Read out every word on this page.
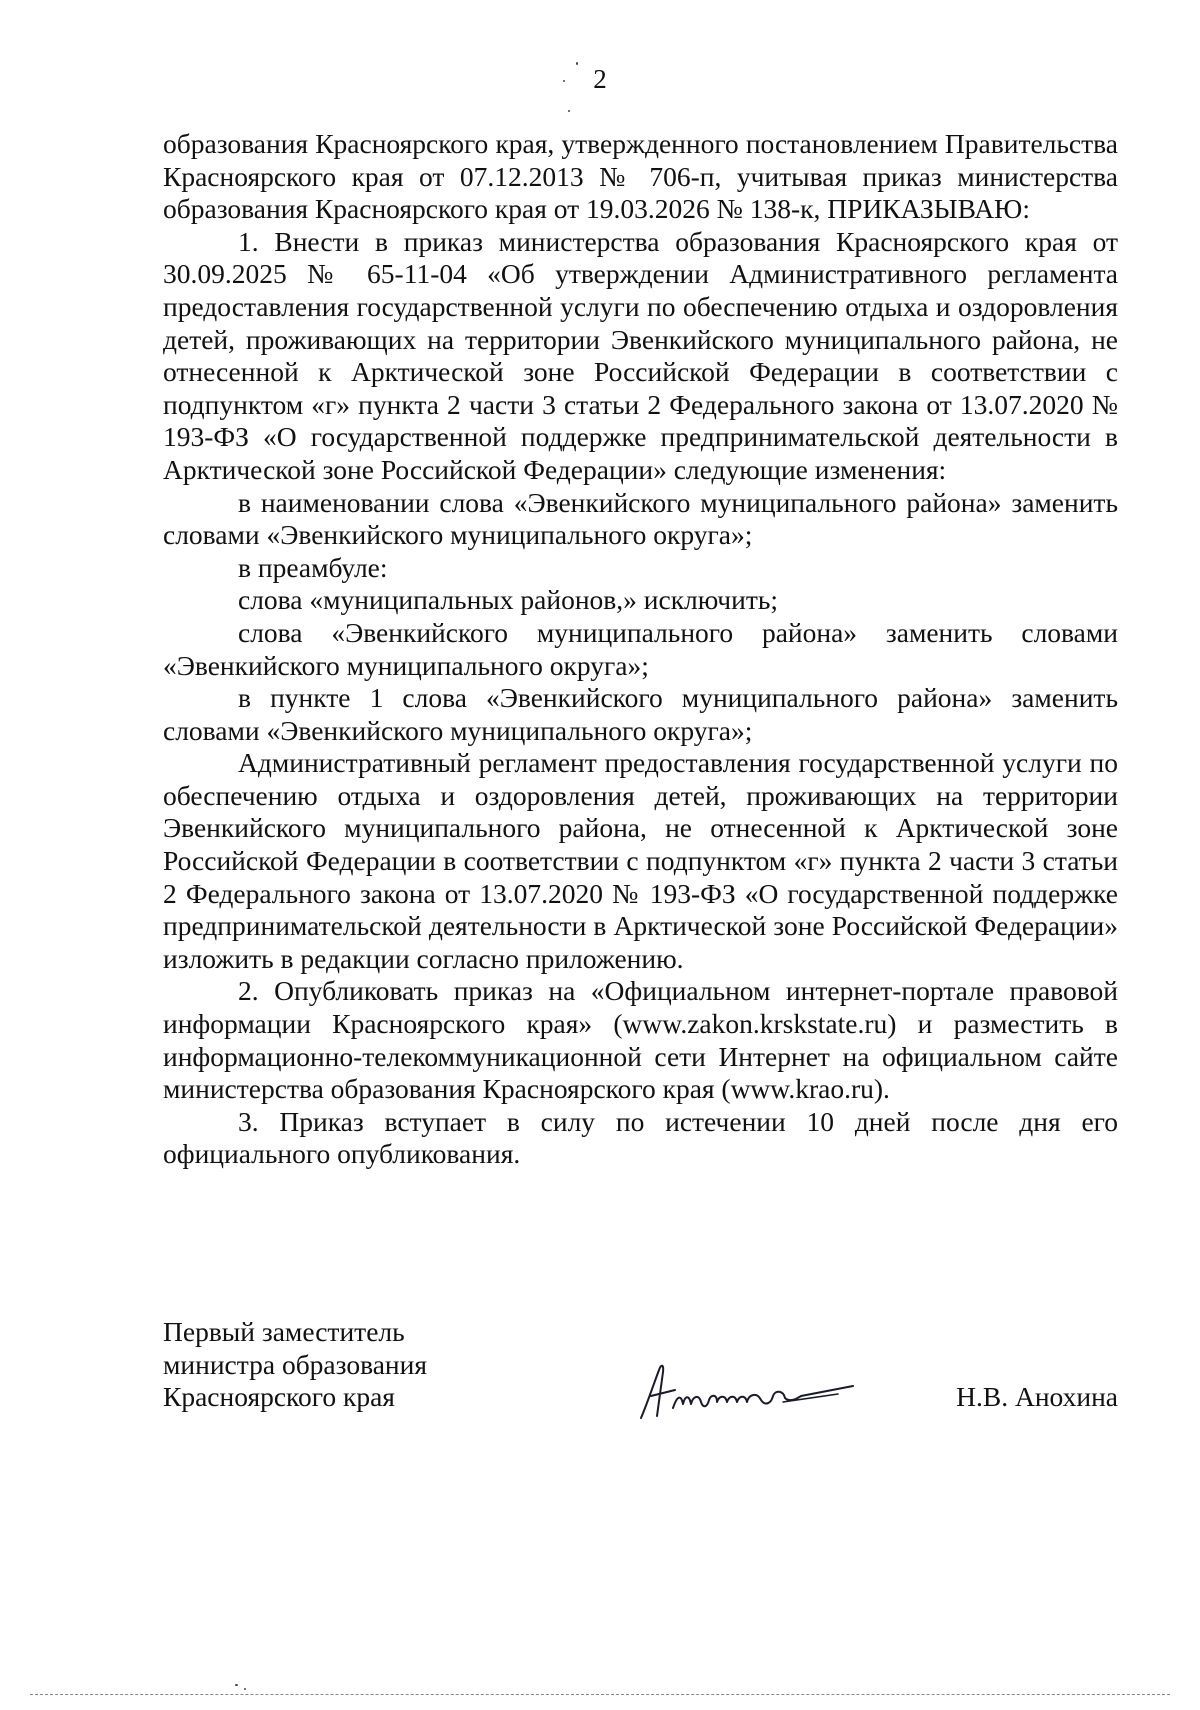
2

образования Красноярского края, утвержденного постановлением Правительства Красноярского края от 07.12.2013 № 706-п, учитывая приказ министерства образования Красноярского края от 19.03.2026 № 138-к, ПРИКАЗЫВАЮ:

1. Внести в приказ министерства образования Красноярского края от 30.09.2025 № 65-11-04 «Об утверждении Административного регламента предоставления государственной услуги по обеспечению отдыха и оздоровления детей, проживающих на территории Эвенкийского муниципального района, не отнесенной к Арктической зоне Российской Федерации в соответствии с подпунктом «г» пункта 2 части 3 статьи 2 Федерального закона от 13.07.2020 № 193-ФЗ «О государственной поддержке предпринимательской деятельности в Арктической зоне Российской Федерации» следующие изменения:

в наименовании слова «Эвенкийского муниципального района» заменить словами «Эвенкийского муниципального округа»;

в преамбуле:

слова «муниципальных районов,» исключить;

слова «Эвенкийского муниципального района» заменить словами «Эвенкийского муниципального округа»;

в пункте 1 слова «Эвенкийского муниципального района» заменить словами «Эвенкийского муниципального округа»;

Административный регламент предоставления государственной услуги по обеспечению отдыха и оздоровления детей, проживающих на территории Эвенкийского муниципального района, не отнесенной к Арктической зоне Российской Федерации в соответствии с подпунктом «г» пункта 2 части 3 статьи 2 Федерального закона от 13.07.2020 № 193-ФЗ «О государственной поддержке предпринимательской деятельности в Арктической зоне Российской Федерации» изложить в редакции согласно приложению.

2. Опубликовать приказ на «Официальном интернет-портале правовой информации Красноярского края» (www.zakon.krskstate.ru) и разместить в информационно-телекоммуникационной сети Интернет на официальном сайте министерства образования Красноярского края (www.krao.ru).

3. Приказ вступает в силу по истечении 10 дней после дня его официального опубликования.

Первый заместитель
министра образования
Красноярского края	Н.В. Анохина
